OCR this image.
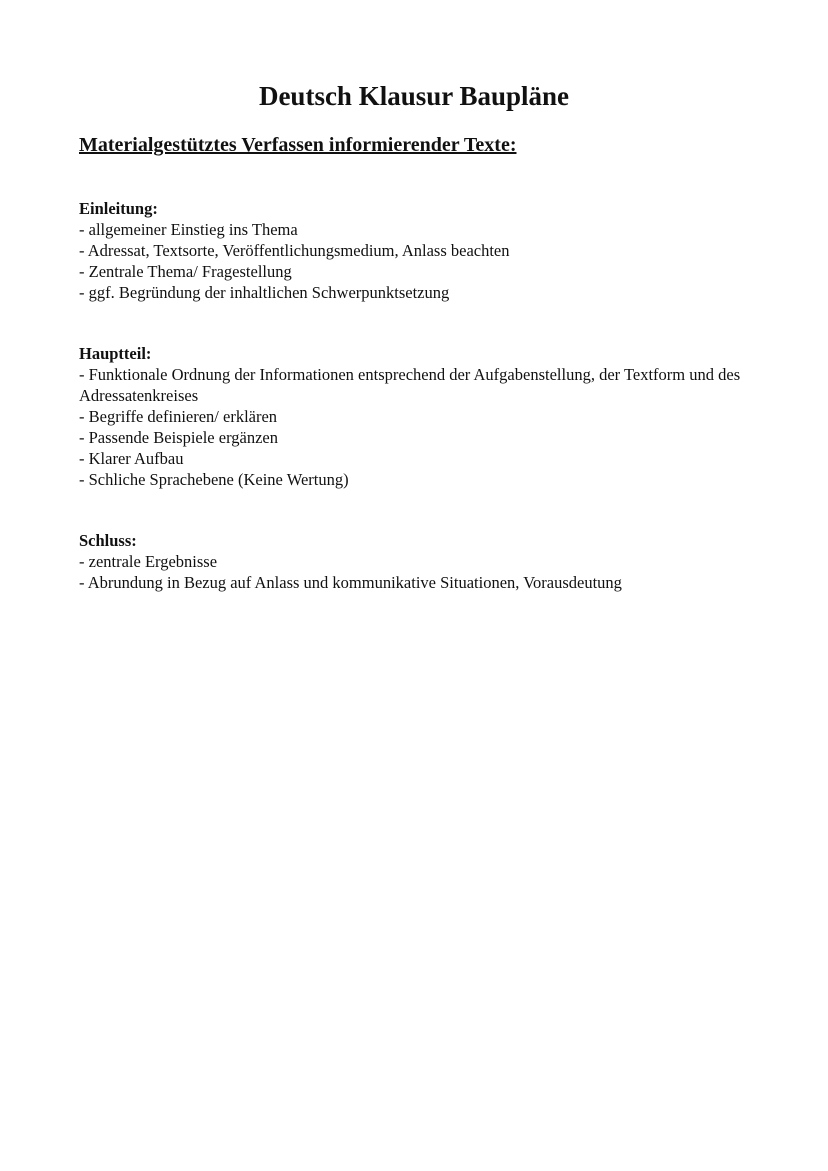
Deutsch Klausur Baupläne
Materialgestütztes Verfassen informierender Texte:

Einleitung:

- allgemeiner Einstieg ins Thema
- Adressat, Textsorte, Veröffentlichungsmedium, Anlass beachten
- Zentrale Thema/ Fragestellung
- ggf. Begründung der inhaltlichen Schwerpunktsetzung

Hauptteil:

- Funktionale Ordnung der Informationen entsprechend der Aufgabenstellung, der Textform und des Adressatenkreises
- Begriffe definieren/ erklären
- Passende Beispiele ergänzen
- Klarer Aufbau
- Schliche Sprachebene (Keine Wertung)

Schluss:

- zentrale Ergebnisse
- Abrundung in Bezug auf Anlass und kommunikative Situationen, Vorausdeutung
